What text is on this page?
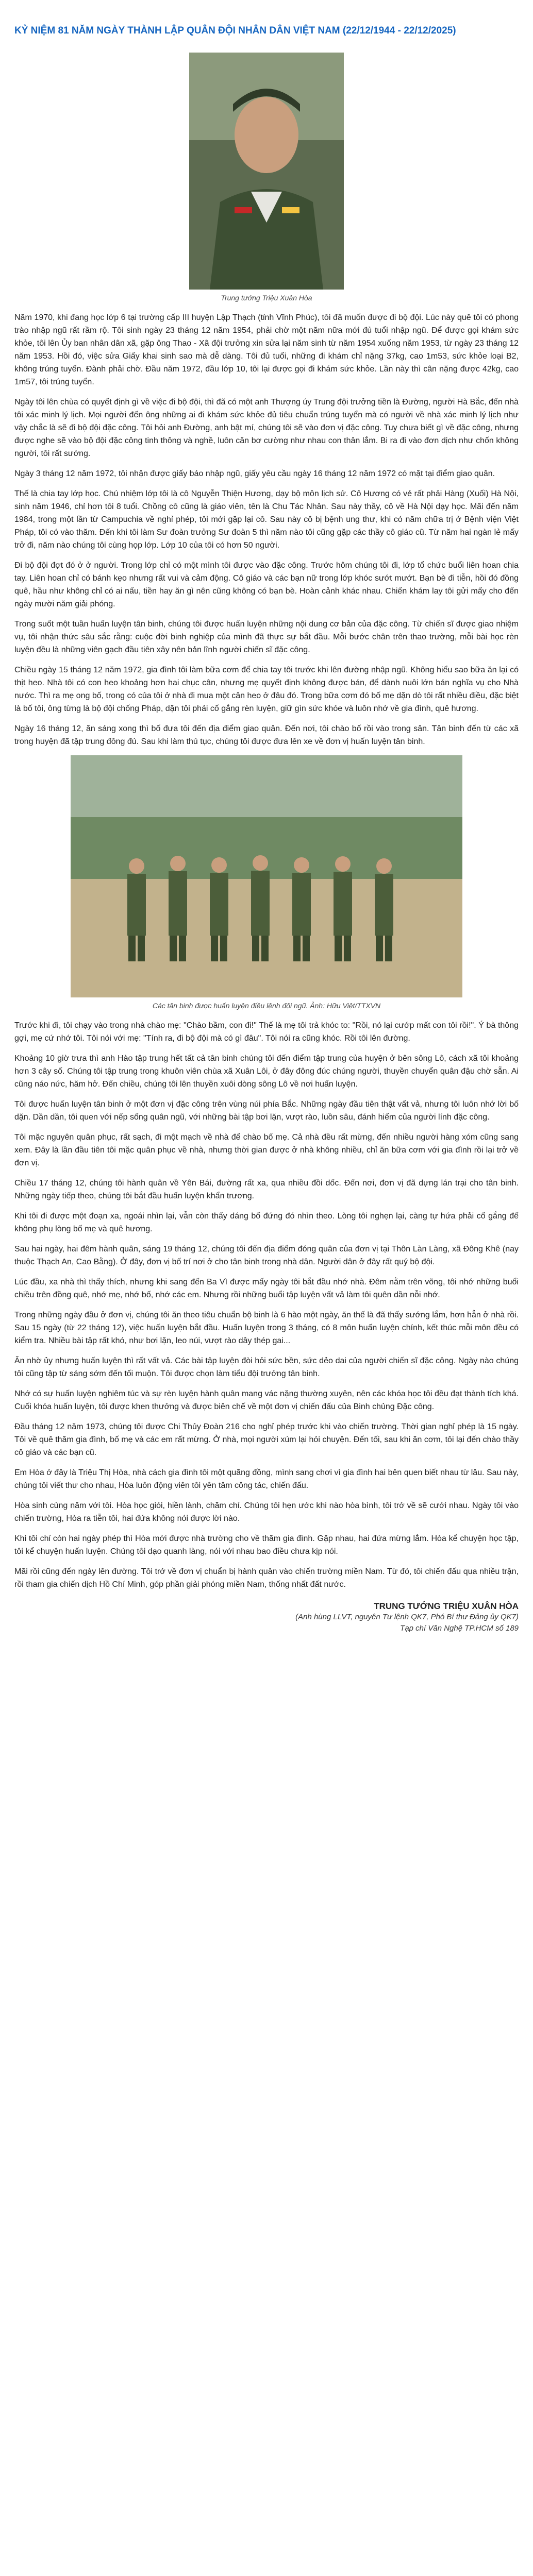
KỶ NIỆM 81 NĂM NGÀY THÀNH LẬP QUÂN ĐỘI NHÂN DÂN VIỆT NAM (22/12/1944 - 22/12/2025)
Trung tướng Triệu Xuân Hòa

Năm 1970, khi đang học lớp 6 tại trường cấp III huyện Lập Thạch (tỉnh Vĩnh Phúc), tôi đã muốn được đi bộ đội. Lúc này quê tôi có phong trào nhập ngũ rất rầm rộ. Tôi sinh ngày 23 tháng 12 năm 1954, phải chờ một năm nữa mới đủ tuổi nhập ngũ. Để được gọi khám sức khỏe, tôi lên Ủy ban nhân dân xã, gặp ông Thao - Xã đội trưởng xin sửa lại năm sinh từ năm 1954 xuống năm 1953, từ ngày 23 tháng 12 năm 1953. Hồi đó, việc sửa Giấy khai sinh sao mà dễ dàng. Tôi đủ tuổi, những đi khám chỉ nặng 37kg, cao 1m53, sức khỏe loại B2, không trúng tuyển. Đành phải chờ. Đầu năm 1972, đầu lớp 10, tôi lại được gọi đi khám sức khỏe. Lần này thì cân nặng được 42kg, cao 1m57, tôi trúng tuyển.

Ngày tôi lên chùa có quyết định gì về việc đi bộ đội, thì đã có một anh Thượng úy Trung đội trưởng tiền là Đường, người Hà Bắc, đến nhà tôi xác minh lý lịch. Mọi người đến ông những ai đi khám sức khỏe đủ tiêu chuẩn trúng tuyển mà có người về nhà xác minh lý lịch như vậy chắc là sẽ đi bộ đội đặc công. Tôi hỏi anh Đường, anh bật mí, chúng tôi sẽ vào đơn vị đặc công. Tuy chưa biết gì về đặc công, nhưng được nghe sẽ vào bộ đội đặc công tinh thông và nghề, luôn căn bơ cường như nhau con thân lắm. Bi ra đi vào đơn dịch như chốn không người, tôi rất sướng.

Ngày 3 tháng 12 năm 1972, tôi nhận được giấy báo nhập ngũ, giấy yêu cầu ngày 16 tháng 12 năm 1972 có mặt tại điểm giao quân.

Thế là chia tay lớp học. Chú nhiệm lớp tôi là cô Nguyễn Thiện Hương, dạy bộ môn lịch sử. Cô Hương có vẻ rất phải Hàng (Xuối) Hà Nội, sinh năm 1946, chỉ hơn tôi 8 tuổi. Chồng cô cũng là giáo viên, tên là Chu Tác Nhân. Sau này thầy, cô về Hà Nội dạy học. Mãi đến năm 1984, trong một lần từ Campuchia về nghỉ phép, tôi mới gặp lại cô. Sau này cô bị bệnh ung thư, khi có năm chữa trị ở Bệnh viện Việt Pháp, tôi có vào thăm. Đến khi tôi làm Sư đoàn trưởng Sư đoàn 5 thì năm nào tôi cũng gặp các thầy cô giáo cũ. Từ năm hai ngàn lẻ mấy trở đi, năm nào chúng tôi cùng họp lớp. Lớp 10 của tôi có hơn 50 người.

Đi bộ đội đợt đó ở ở người. Trong lớp chỉ có một mình tôi được vào đặc công. Trước hôm chúng tôi đi, lớp tổ chức buổi liên hoan chia tay. Liên hoan chỉ có bánh kẹo nhưng rất vui và cảm động. Cô giáo và các bạn nữ trong lớp khóc sướt mướt. Bạn bè đi tiễn, hồi đó đồng quê, hầu như không chỉ có ai nấu, tiền hay ăn gì nên cũng không có bạn bè. Hoàn cảnh khác nhau. Chiến khám lay tôi gửi mấy cho đến ngày mười năm giải phóng.

Trong suốt một tuần huấn luyện tân binh, chúng tôi được huấn luyện những nội dung cơ bản của đặc công. Từ chiến sĩ được giao nhiệm vụ, tôi nhận thức sâu sắc rằng: cuộc đời binh nghiệp của mình đã thực sự bắt đầu. Mỗi bước chân trên thao trường, mỗi bài học rèn luyện đều là những viên gạch đầu tiên xây nên bản lĩnh người chiến sĩ đặc công.

Chiều ngày 15 tháng 12 năm 1972, gia đình tôi làm bữa cơm để chia tay tôi trước khi lên đường nhập ngũ. Không hiểu sao bữa ăn lại có thịt heo. Nhà tôi có con heo khoảng hơn hai chục cân, nhưng mẹ quyết định không được bán, để dành nuôi lớn bán nghĩa vụ cho Nhà nước. Thì ra mẹ ong bố, trong có của tôi ở nhà đi mua một cân heo ở đâu đó. Trong bữa cơm đó bố mẹ dặn dò tôi rất nhiều điều, đặc biệt là bố tôi, ông từng là bộ đội chống Pháp, dặn tôi phải cố gắng rèn luyện, giữ gìn sức khỏe và luôn nhớ về gia đình, quê hương.

Ngày 16 tháng 12, ăn sáng xong thì bố đưa tôi đến địa điểm giao quân. Đến nơi, tôi chào bố rồi vào trong sân. Tân binh đến từ các xã trong huyện đã tập trung đông đủ. Sau khi làm thủ tục, chúng tôi được đưa lên xe về đơn vị huấn luyện tân binh.

Các tân binh được huấn luyện điều lệnh đội ngũ. Ảnh: Hữu Việt/TTXVN

Trước khi đi, tôi chạy vào trong nhà chào mẹ: "Chào bầm, con đi!" Thế là mẹ tôi trả khóc to: "Rồi, nó lại cướp mất con tôi rồi!". Ý bà thông gợi, mẹ cứ nhớ tôi. Tôi nói với mẹ: "Tính ra, đi bộ đội mà có gì đâu". Tôi nói ra cũng khóc. Rồi tôi lên đường.

Khoảng 10 giờ trưa thì anh Hào tập trung hết tất cả tân binh chúng tôi đến điểm tập trung của huyện ở bên sông Lô, cách xã tôi khoảng hơn 3 cây số. Chúng tôi tập trung trong khuôn viên chùa xã Xuân Lôi, ở đây đông đúc chúng người, thuyền chuyển quân đậu chờ sẵn. Ai cũng náo nức, hăm hở. Đến chiều, chúng tôi lên thuyền xuôi dòng sông Lô về nơi huấn luyện.

Tôi được huấn luyện tân binh ở một đơn vị đặc công trên vùng núi phía Bắc. Những ngày đầu tiên thật vất vả, nhưng tôi luôn nhớ lời bố dặn. Dần dần, tôi quen với nếp sống quân ngũ, với những bài tập bơi lặn, vượt rào, luồn sâu, đánh hiểm của người lính đặc công.

Tôi mặc nguyên quân phục, rất sạch, đi một mạch về nhà để chào bố mẹ. Cả nhà đều rất mừng, đến nhiều người hàng xóm cũng sang xem. Đây là lần đầu tiên tôi mặc quân phục về nhà, nhưng thời gian được ở nhà không nhiều, chỉ ăn bữa cơm với gia đình rồi lại trở về đơn vị.

Chiều 17 tháng 12, chúng tôi hành quân về Yên Bái, đường rất xa, qua nhiều đồi dốc. Đến nơi, đơn vị đã dựng lán trại cho tân binh. Những ngày tiếp theo, chúng tôi bắt đầu huấn luyện khẩn trương.

Khi tôi đi được một đoạn xa, ngoái nhìn lại, vẫn còn thấy dáng bố đứng đó nhìn theo. Lòng tôi nghẹn lại, càng tự hứa phải cố gắng để không phụ lòng bố mẹ và quê hương.

Sau hai ngày, hai đêm hành quân, sáng 19 tháng 12, chúng tôi đến địa điểm đóng quân của đơn vị tại Thôn Làn Làng, xã Đông Khê (nay thuộc Thạch An, Cao Bằng). Ở đây, đơn vị bố trí nơi ở cho tân binh trong nhà dân. Người dân ở đây rất quý bộ đội.

Lúc đầu, xa nhà thì thấy thích, nhưng khi sang đến Ba Vì được mấy ngày tôi bắt đầu nhớ nhà. Đêm nằm trên võng, tôi nhớ những buổi chiều trên đồng quê, nhớ mẹ, nhớ bố, nhớ các em. Nhưng rồi những buổi tập luyện vất vả làm tôi quên dần nỗi nhớ.

Trong những ngày đầu ở đơn vị, chúng tôi ăn theo tiêu chuẩn bộ binh là 6 hào một ngày, ăn thế là đã thấy sướng lắm, hơn hẳn ở nhà rồi. Sau 15 ngày (từ 22 tháng 12), việc huấn luyện bắt đầu. Huấn luyện trong 3 tháng, có 8 môn huấn luyện chính, kết thúc mỗi môn đều có kiểm tra. Nhiều bài tập rất khó, như bơi lặn, leo núi, vượt rào dây thép gai...

Ăn nhờ ủy nhưng huấn luyện thì rất vất vả. Các bài tập luyện đòi hỏi sức bền, sức dẻo dai của người chiến sĩ đặc công. Ngày nào chúng tôi cũng tập từ sáng sớm đến tối muộn. Tôi được chọn làm tiểu đội trưởng tân binh.

Nhớ có sự huấn luyện nghiêm túc và sự rèn luyện hành quân mang vác nặng thường xuyên, nên các khóa học tôi đều đạt thành tích khá. Cuối khóa huấn luyện, tôi được khen thưởng và được biên chế về một đơn vị chiến đấu của Binh chủng Đặc công.

Đầu tháng 12 năm 1973, chúng tôi được Chi Thủy Đoàn 216 cho nghỉ phép trước khi vào chiến trường. Thời gian nghỉ phép là 15 ngày. Tôi về quê thăm gia đình, bố mẹ và các em rất mừng. Ở nhà, mọi người xúm lại hỏi chuyện. Đến tối, sau khi ăn cơm, tôi lại đến chào thầy cô giáo và các bạn cũ.

Em Hòa ở đây là Triệu Thị Hòa, nhà cách gia đình tôi một quãng đồng, mình sang chơi vì gia đình hai bên quen biết nhau từ lâu. Sau này, chúng tôi viết thư cho nhau, Hòa luôn động viên tôi yên tâm công tác, chiến đấu.

Hòa sinh cùng năm với tôi. Hòa học giỏi, hiền lành, chăm chỉ. Chúng tôi hẹn ước khi nào hòa bình, tôi trở về sẽ cưới nhau. Ngày tôi vào chiến trường, Hòa ra tiễn tôi, hai đứa không nói được lời nào.

Khi tôi chỉ còn hai ngày phép thì Hòa mới được nhà trường cho về thăm gia đình. Gặp nhau, hai đứa mừng lắm. Hòa kể chuyện học tập, tôi kể chuyện huấn luyện. Chúng tôi dạo quanh làng, nói với nhau bao điều chưa kịp nói.

Mãi rồi cũng đến ngày lên đường. Tôi trở về đơn vị chuẩn bị hành quân vào chiến trường miền Nam. Từ đó, tôi chiến đấu qua nhiều trận, rồi tham gia chiến dịch Hồ Chí Minh, góp phần giải phóng miền Nam, thống nhất đất nước.

TRUNG TƯỚNG TRIỆU XUÂN HÒA
(Anh hùng LLVT, nguyên Tư lệnh QK7, Phó Bí thư Đảng ủy QK7)
Tạp chí Văn Nghệ TP.HCM số 189
